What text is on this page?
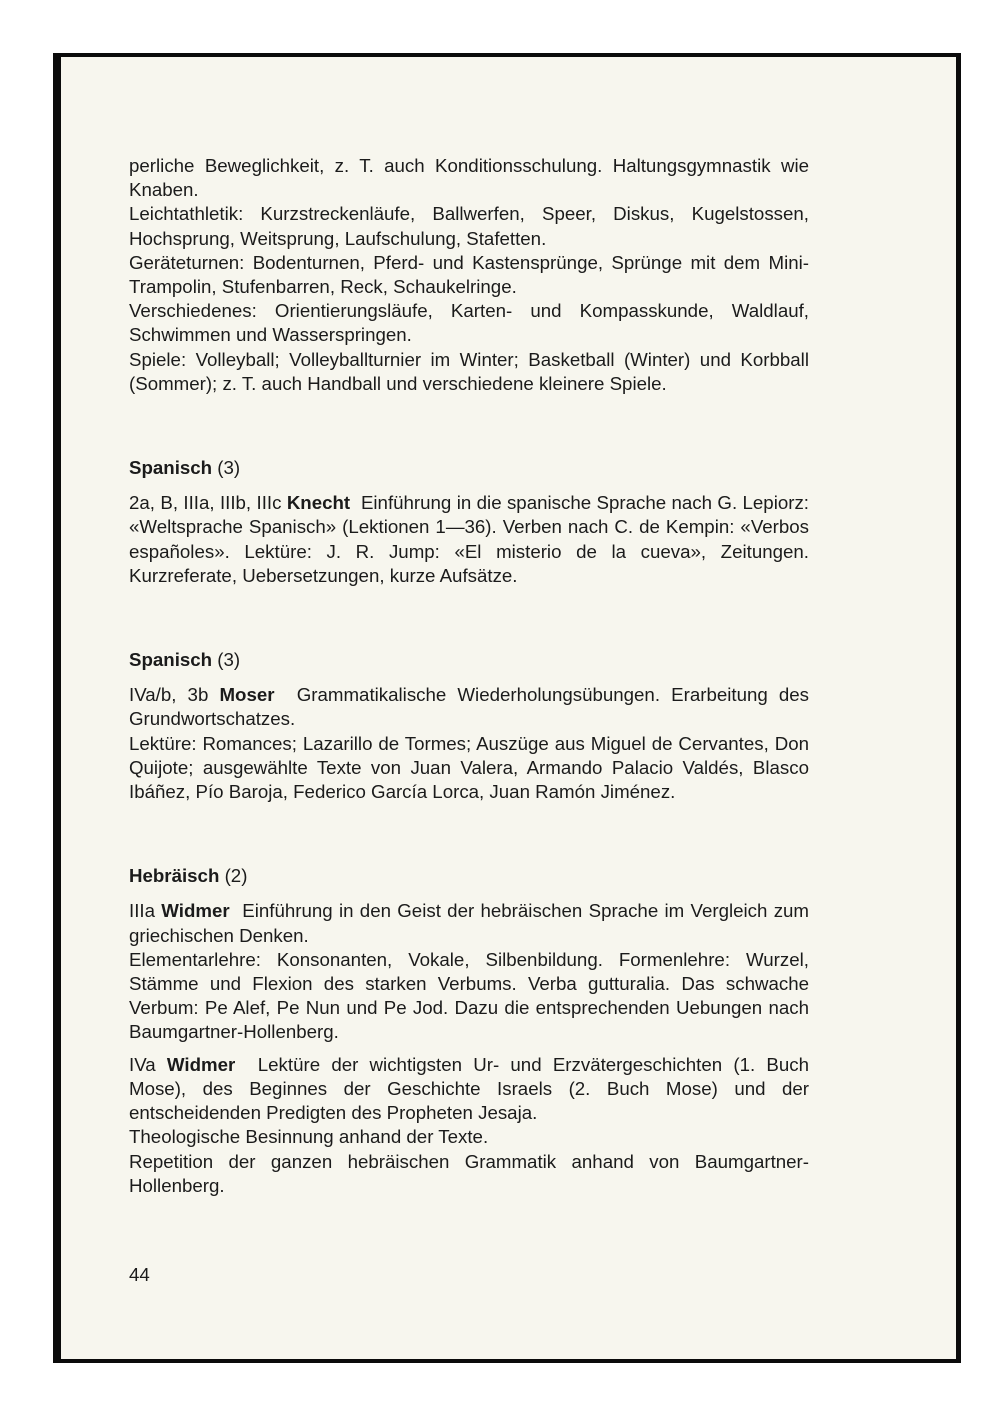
perliche Beweglichkeit, z. T. auch Konditionsschulung. Haltungsgymnastik wie Knaben.

Leichtathletik: Kurzstreckenläufe, Ballwerfen, Speer, Diskus, Kugelstossen, Hochsprung, Weitsprung, Laufschulung, Stafetten.

Geräteturnen: Bodenturnen, Pferd- und Kastensprünge, Sprünge mit dem Mini-Trampolin, Stufenbarren, Reck, Schaukelringe.

Verschiedenes: Orientierungsläufe, Karten- und Kompasskunde, Waldlauf, Schwimmen und Wasserspringen.

Spiele: Volleyball; Volleyballturnier im Winter; Basketball (Winter) und Korbball (Sommer); z. T. auch Handball und verschiedene kleinere Spiele.

Spanisch (3)

2a, B, IIIa, IIIb, IIIc Knecht Einführung in die spanische Sprache nach G. Lepiorz: «Weltsprache Spanisch» (Lektionen 1—36). Verben nach C. de Kempin: «Verbos españoles». Lektüre: J. R. Jump: «El misterio de la cueva», Zeitungen. Kurzreferate, Uebersetzungen, kurze Aufsätze.

Spanisch (3)

IVa/b, 3b Moser Grammatikalische Wiederholungsübungen. Erarbeitung des Grundwortschatzes.

Lektüre: Romances; Lazarillo de Tormes; Auszüge aus Miguel de Cervantes, Don Quijote; ausgewählte Texte von Juan Valera, Armando Palacio Valdés, Blasco Ibáñez, Pío Baroja, Federico García Lorca, Juan Ramón Jiménez.

Hebräisch (2)

IIIa Widmer Einführung in den Geist der hebräischen Sprache im Vergleich zum griechischen Denken.

Elementarlehre: Konsonanten, Vokale, Silbenbildung. Formenlehre: Wurzel, Stämme und Flexion des starken Verbums. Verba gutturalia. Das schwache Verbum: Pe Alef, Pe Nun und Pe Jod. Dazu die entsprechenden Uebungen nach Baumgartner-Hollenberg.

IVa Widmer Lektüre der wichtigsten Ur- und Erzvätergeschichten (1. Buch Mose), des Beginnes der Geschichte Israels (2. Buch Mose) und der entscheidenden Predigten des Propheten Jesaja.

Theologische Besinnung anhand der Texte.

Repetition der ganzen hebräischen Grammatik anhand von Baumgartner-Hollenberg.

44
